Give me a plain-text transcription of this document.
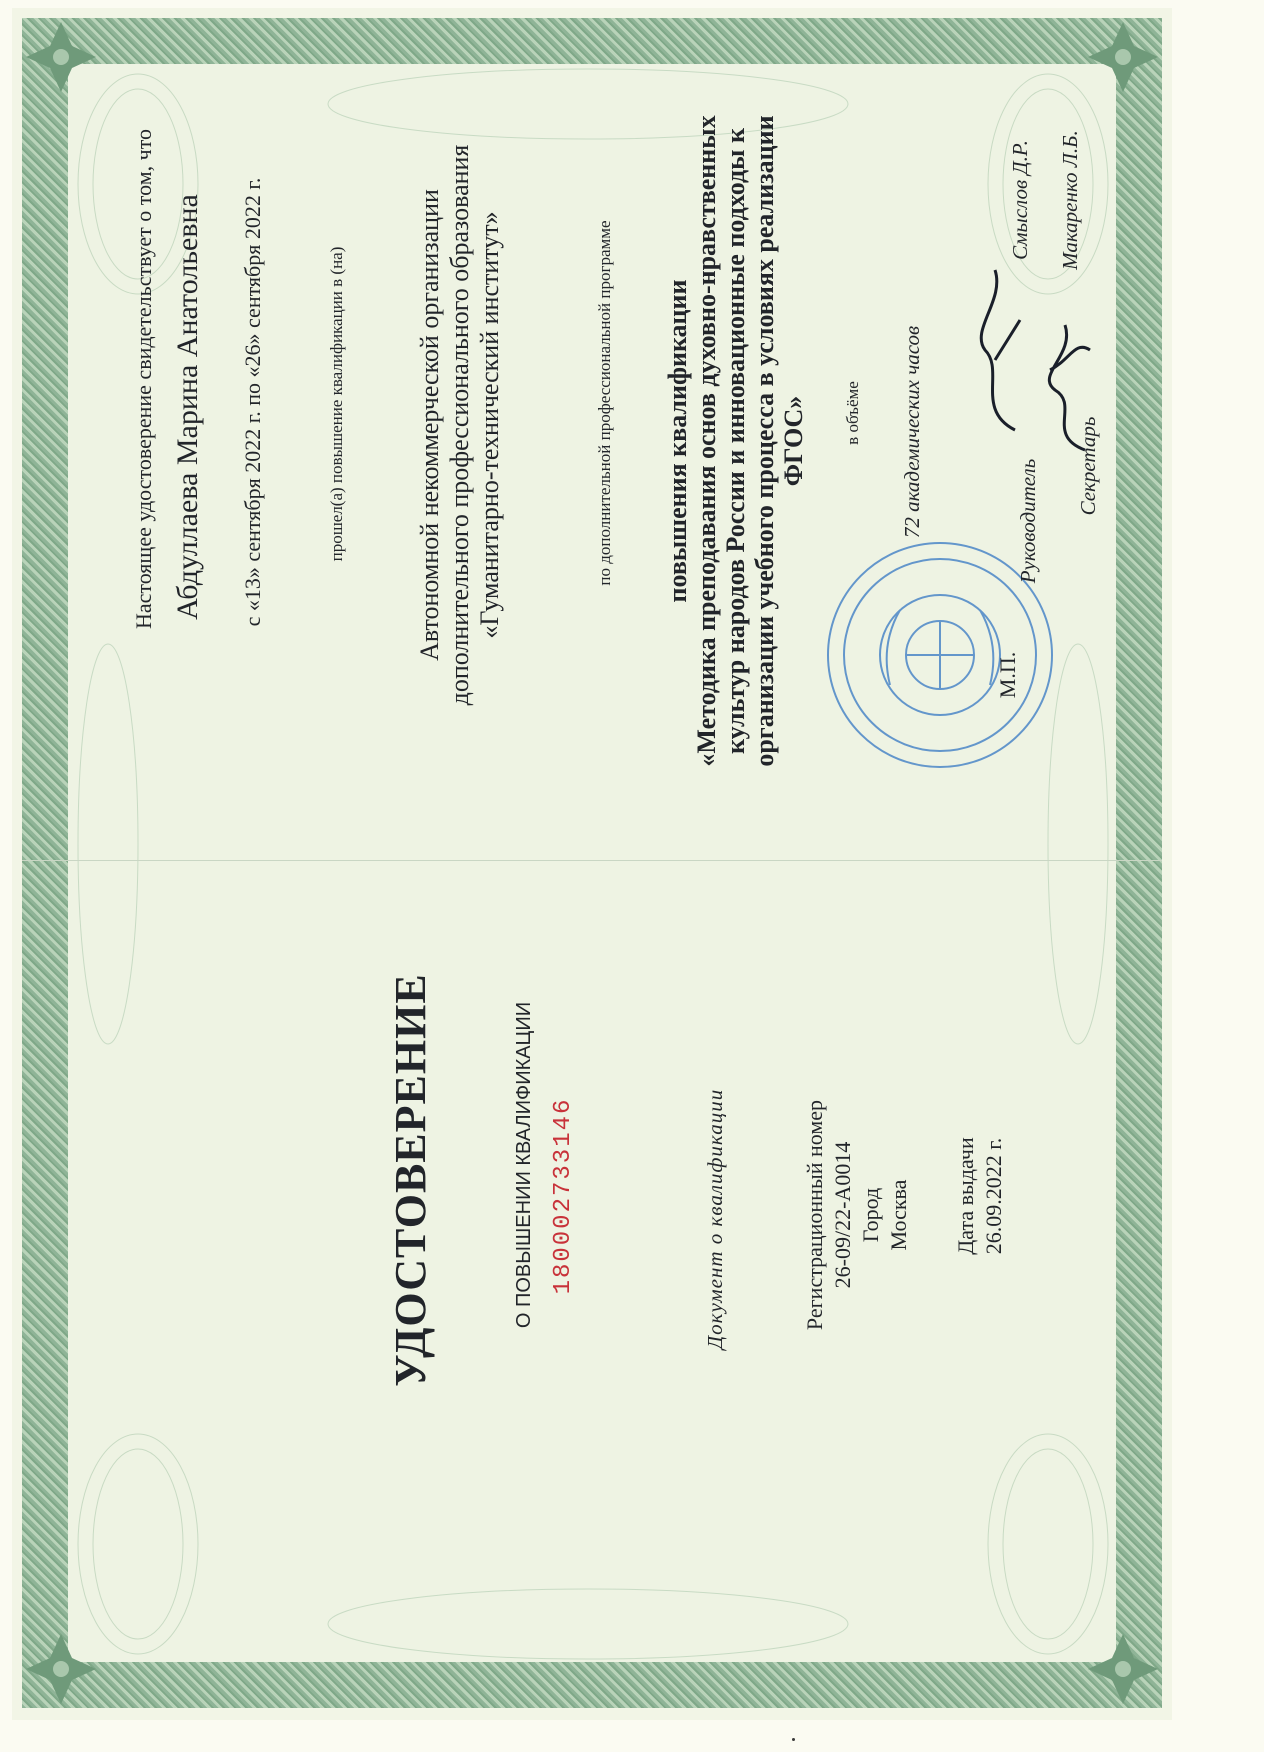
Настоящее удостоверение свидетельствует о том, что Абдуллаева Марина Анатольевна с «13» сентября 2022 г. по «26» сентября 2022 г.	прошел(а) повышение квалификации в (на)	Автономной некоммерческой организации дополнительного профессионального образования «Гуманитарно-технический институт»	по дополнительной профессиональной программе повышения квалификации «Методика преподавания основ духовно-нравственных культур народов России и инновационные подходы к организации учебного процесса в условиях реализации ФГОС» в объёме 72 академических часов
М.П.
Руководитель Секретарь
Смыслов Д.Р. Макаренко Л.Б.
УДОСТОВЕРЕНИЕ	О ПОВЫШЕНИИ КВАЛИФИКАЦИИ 180002733146	Документ о квалификации	Регистрационный номер 26-09/22-А0014 Город Москва Дата выдачи 26.09.2022 г.
